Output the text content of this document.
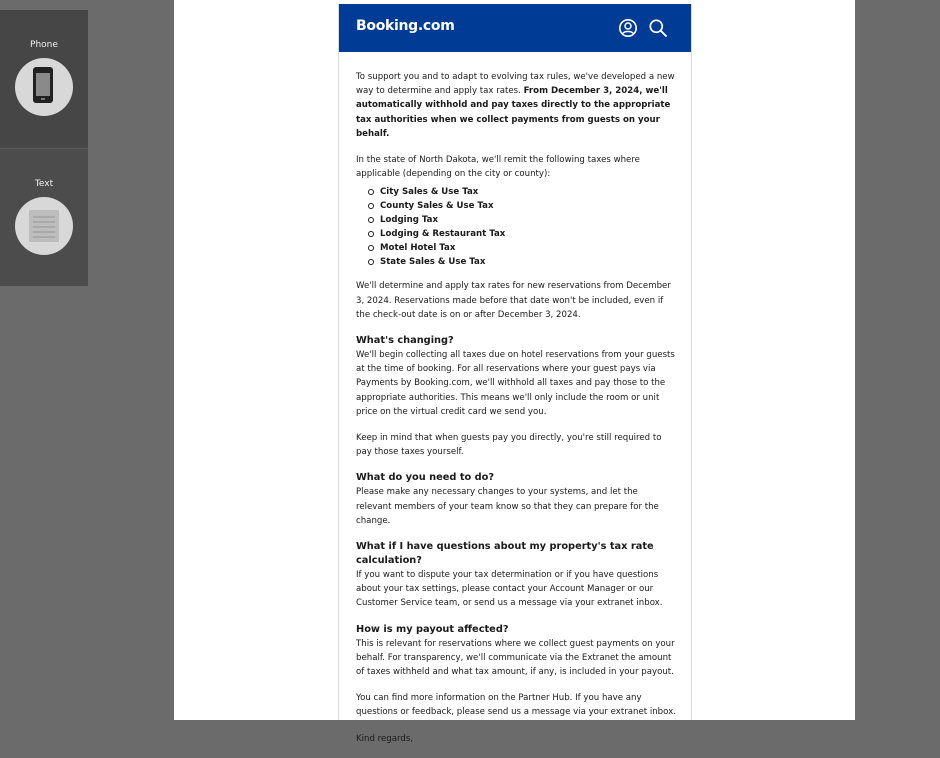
Phone
Text
Booking.com

To support you and to adapt to evolving tax rules, we've developed a new way to determine and apply tax rates. From December 3, 2024, we'll automatically withhold and pay taxes directly to the appropriate tax authorities when we collect payments from guests on your behalf.

In the state of North Dakota, we'll remit the following taxes where applicable (depending on the city or county):

City Sales & Use Tax
County Sales & Use Tax
Lodging Tax
Lodging & Restaurant Tax
Motel Hotel Tax
State Sales & Use Tax

We'll determine and apply tax rates for new reservations from December 3, 2024. Reservations made before that date won't be included, even if the check-out date is on or after December 3, 2024.

What's changing?

We'll begin collecting all taxes due on hotel reservations from your guests at the time of booking. For all reservations where your guest pays via Payments by Booking.com, we'll withhold all taxes and pay those to the appropriate authorities. This means we'll only include the room or unit price on the virtual credit card we send you.

Keep in mind that when guests pay you directly, you're still required to pay those taxes yourself.

What do you need to do?

Please make any necessary changes to your systems, and let the relevant members of your team know so that they can prepare for the change.

What if I have questions about my property's tax rate calculation?

If you want to dispute your tax determination or if you have questions about your tax settings, please contact your Account Manager or our Customer Service team, or send us a message via your extranet inbox.

How is my payout affected?

This is relevant for reservations where we collect guest payments on your behalf. For transparency, we'll communicate via the Extranet the amount of taxes withheld and what tax amount, if any, is included in your payout.

You can find more information on the Partner Hub. If you have any questions or feedback, please send us a message via your extranet inbox.

Kind regards,
